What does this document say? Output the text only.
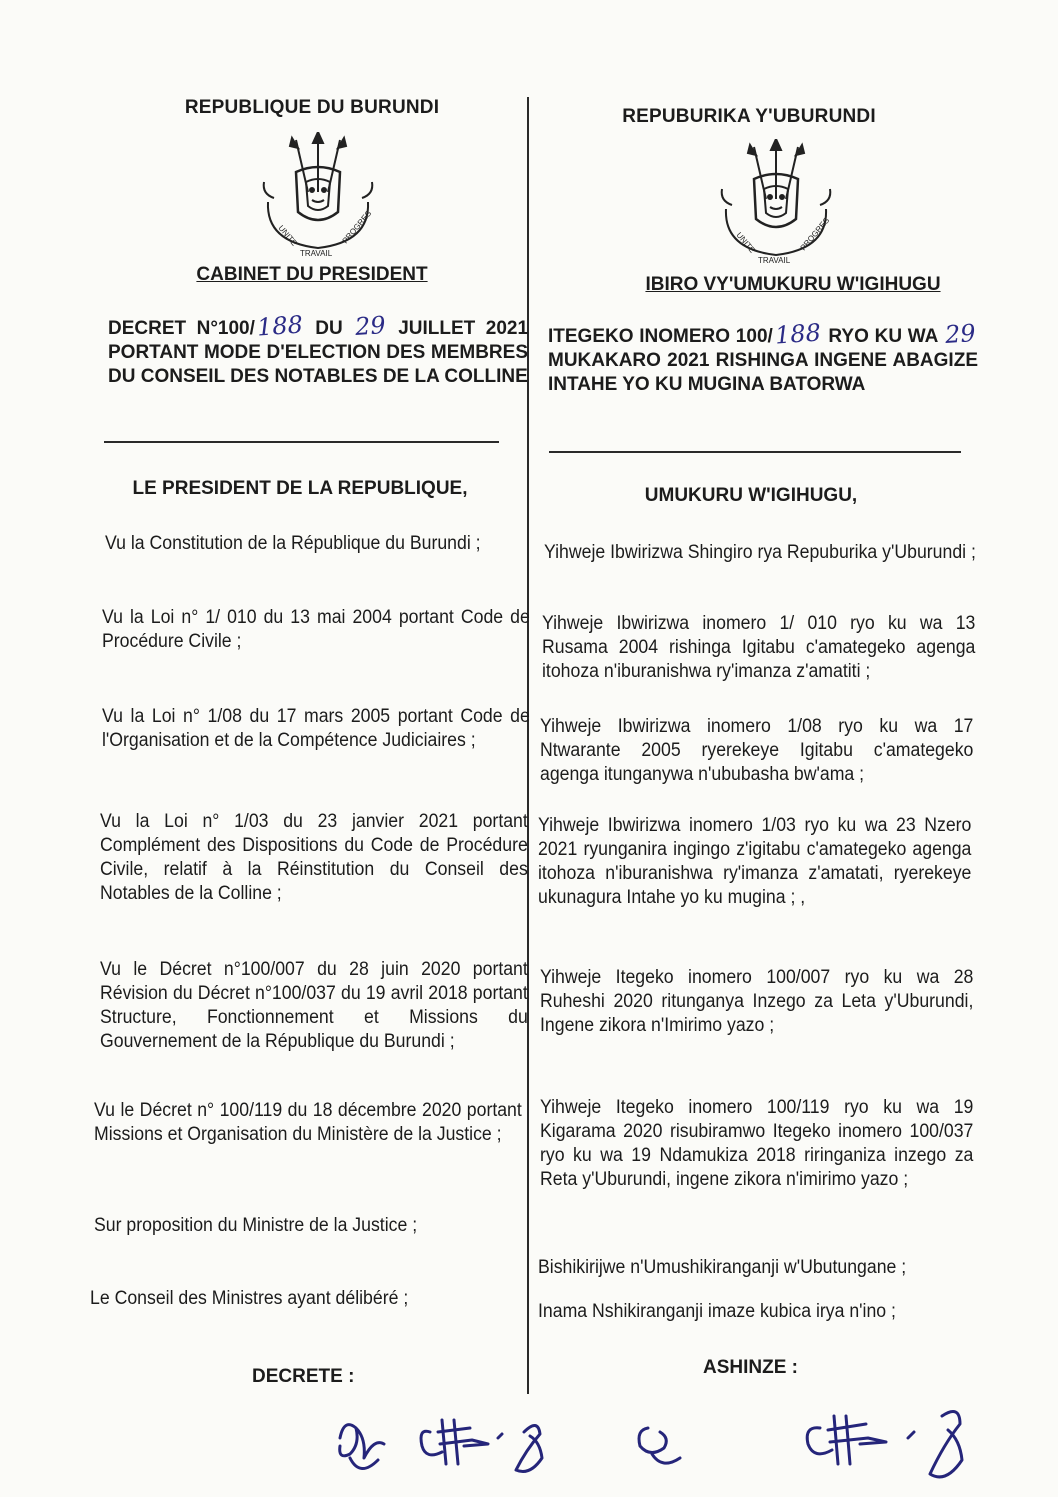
REPUBLIQUE DU BURUNDI
UNITE
TRAVAIL
PROGRES
CABINET DU PRESIDENT
DECRET N°100/188 DU 29 JUILLET 2021 PORTANT MODE D'ELECTION DES MEMBRES DU CONSEIL DES NOTABLES DE LA COLLINE
LE PRESIDENT DE LA REPUBLIQUE,
Vu la Constitution de la République du Burundi ;
Vu la Loi n° 1/ 010 du 13 mai 2004 portant Code de Procédure Civile ;
Vu la Loi n° 1/08 du 17 mars 2005 portant Code de l'Organisation et de la Compétence Judiciaires ;
Vu la Loi n° 1/03 du 23 janvier 2021 portant Complément des Dispositions du Code de Procédure Civile, relatif à la Réinstitution du Conseil des Notables de la Colline ;
Vu le Décret n°100/007 du 28 juin 2020 portant Révision du Décret n°100/037 du 19 avril 2018 portant Structure, Fonctionnement et Missions du Gouvernement de la République du Burundi ;
Vu le Décret n° 100/119 du 18 décembre 2020 portant Missions et Organisation du Ministère de la Justice ;
Sur proposition du Ministre de la Justice ;
Le Conseil des Ministres ayant délibéré ;
DECRETE :
REPUBURIKA Y'UBURUNDI
UNITE
TRAVAIL
PROGRES
IBIRO VY'UMUKURU W'IGIHUGU
ITEGEKO INOMERO 100/188 RYO KU WA 29 MUKAKARO 2021 RISHINGA INGENE ABAGIZE INTAHE YO KU MUGINA BATORWA
UMUKURU W'IGIHUGU,
Yihweje Ibwirizwa Shingiro rya Repuburika y'Uburundi ;
Yihweje Ibwirizwa inomero 1/ 010 ryo ku wa 13 Rusama 2004 rishinga Igitabu c'amategeko agenga itohoza n'iburanishwa ry'imanza z'amatiti ;
Yihweje Ibwirizwa inomero 1/08 ryo ku wa 17 Ntwarante 2005 ryerekeye Igitabu c'amategeko agenga itunganywa n'ububasha bw'ama ;
Yihweje Ibwirizwa inomero 1/03 ryo ku wa 23 Nzero 2021 ryunganira ingingo z'igitabu c'amategeko agenga itohoza n'iburanishwa ry'imanza z'amatati, ryerekeye ukunagura Intahe yo ku mugina ; ,
Yihweje Itegeko inomero 100/007 ryo ku wa 28 Ruheshi 2020 ritunganya Inzego za Leta y'Uburundi, Ingene zikora n'Imirimo yazo ;
Yihweje Itegeko inomero 100/119 ryo ku wa 19 Kigarama 2020 risubiramwo Itegeko inomero 100/037 ryo ku wa 19 Ndamukiza 2018 riringaniza inzego za Reta y'Uburundi, ingene zikora n'imirimo yazo ;
Bishikirijwe n'Umushikiranganji w'Ubutungane ;
Inama Nshikiranganji imaze kubica irya n'ino ;
ASHINZE :
